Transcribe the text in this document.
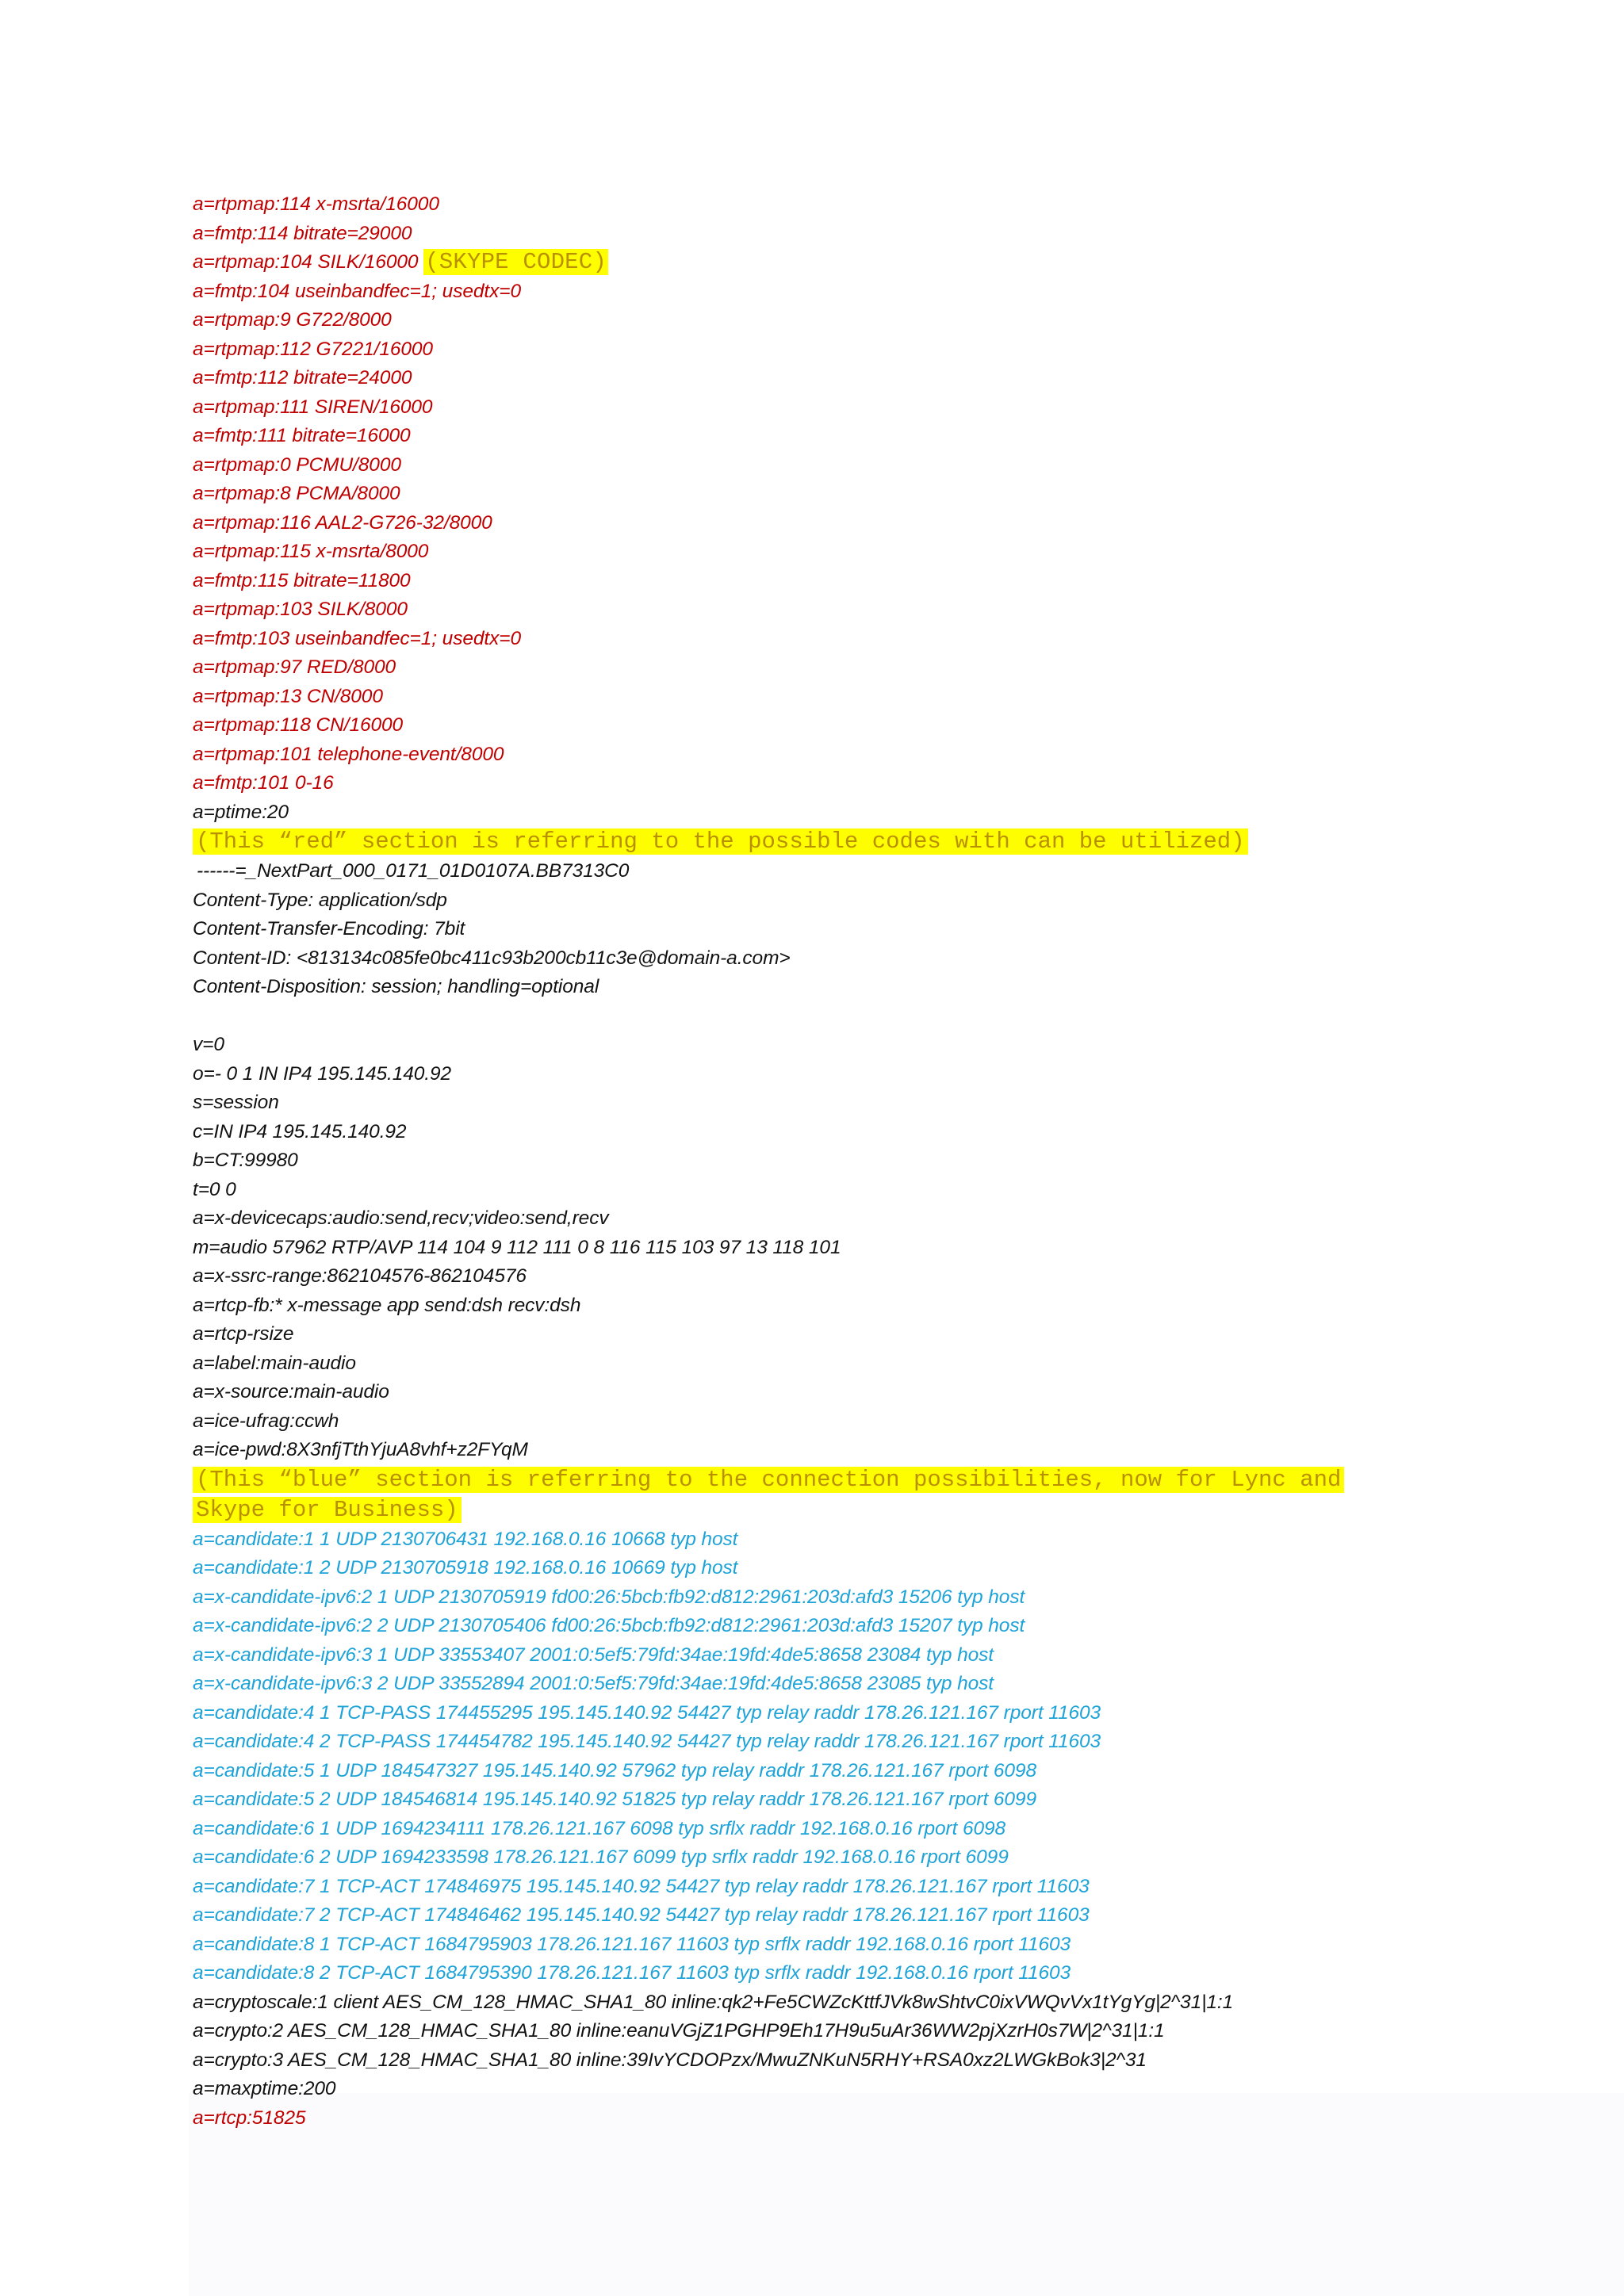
a=rtpmap:114 x-msrta/16000
a=fmtp:114 bitrate=29000
a=rtpmap:104 SILK/16000 (SKYPE CODEC)
a=fmtp:104 useinbandfec=1; usedtx=0
a=rtpmap:9 G722/8000
a=rtpmap:112 G7221/16000
a=fmtp:112 bitrate=24000
a=rtpmap:111 SIREN/16000
a=fmtp:111 bitrate=16000
a=rtpmap:0 PCMU/8000
a=rtpmap:8 PCMA/8000
a=rtpmap:116 AAL2-G726-32/8000
a=rtpmap:115 x-msrta/8000
a=fmtp:115 bitrate=11800
a=rtpmap:103 SILK/8000
a=fmtp:103 useinbandfec=1; usedtx=0
a=rtpmap:97 RED/8000
a=rtpmap:13 CN/8000
a=rtpmap:118 CN/16000
a=rtpmap:101 telephone-event/8000
a=fmtp:101 0-16
a=ptime:20
(This “red” section is referring to the possible codes with can be utilized)
------=_NextPart_000_0171_01D0107A.BB7313C0
Content-Type: application/sdp
Content-Transfer-Encoding: 7bit
Content-ID: <813134c085fe0bc411c93b200cb11c3e@domain-a.com>
Content-Disposition: session; handling=optional
v=0
o=- 0 1 IN IP4 195.145.140.92
s=session
c=IN IP4 195.145.140.92
b=CT:99980
t=0 0
a=x-devicecaps:audio:send,recv;video:send,recv
m=audio 57962 RTP/AVP 114 104 9 112 111 0 8 116 115 103 97 13 118 101
a=x-ssrc-range:862104576-862104576
a=rtcp-fb:* x-message app send:dsh recv:dsh
a=rtcp-rsize
a=label:main-audio
a=x-source:main-audio
a=ice-ufrag:ccwh
a=ice-pwd:8X3nfjTthYjuA8vhf+z2FYqM
(This “blue” section is referring to the connection possibilities, now for Lync and
Skype for Business)
a=candidate:1 1 UDP 2130706431 192.168.0.16 10668 typ host
a=candidate:1 2 UDP 2130705918 192.168.0.16 10669 typ host
a=x-candidate-ipv6:2 1 UDP 2130705919 fd00:26:5bcb:fb92:d812:2961:203d:afd3 15206 typ host
a=x-candidate-ipv6:2 2 UDP 2130705406 fd00:26:5bcb:fb92:d812:2961:203d:afd3 15207 typ host
a=x-candidate-ipv6:3 1 UDP 33553407 2001:0:5ef5:79fd:34ae:19fd:4de5:8658 23084 typ host
a=x-candidate-ipv6:3 2 UDP 33552894 2001:0:5ef5:79fd:34ae:19fd:4de5:8658 23085 typ host
a=candidate:4 1 TCP-PASS 174455295 195.145.140.92 54427 typ relay raddr 178.26.121.167 rport 11603
a=candidate:4 2 TCP-PASS 174454782 195.145.140.92 54427 typ relay raddr 178.26.121.167 rport 11603
a=candidate:5 1 UDP 184547327 195.145.140.92 57962 typ relay raddr 178.26.121.167 rport 6098
a=candidate:5 2 UDP 184546814 195.145.140.92 51825 typ relay raddr 178.26.121.167 rport 6099
a=candidate:6 1 UDP 1694234111 178.26.121.167 6098 typ srflx raddr 192.168.0.16 rport 6098
a=candidate:6 2 UDP 1694233598 178.26.121.167 6099 typ srflx raddr 192.168.0.16 rport 6099
a=candidate:7 1 TCP-ACT 174846975 195.145.140.92 54427 typ relay raddr 178.26.121.167 rport 11603
a=candidate:7 2 TCP-ACT 174846462 195.145.140.92 54427 typ relay raddr 178.26.121.167 rport 11603
a=candidate:8 1 TCP-ACT 1684795903 178.26.121.167 11603 typ srflx raddr 192.168.0.16 rport 11603
a=candidate:8 2 TCP-ACT 1684795390 178.26.121.167 11603 typ srflx raddr 192.168.0.16 rport 11603
a=cryptoscale:1 client AES_CM_128_HMAC_SHA1_80 inline:qk2+Fe5CWZcKttfJVk8wShtvC0ixVWQvVx1tYgYg|2^31|1:1
a=crypto:2 AES_CM_128_HMAC_SHA1_80 inline:eanuVGjZ1PGHP9Eh17H9u5uAr36WW2pjXzrH0s7W|2^31|1:1
a=crypto:3 AES_CM_128_HMAC_SHA1_80 inline:39IvYCDOPzx/MwuZNKuN5RHY+RSA0xz2LWGkBok3|2^31
a=maxptime:200
a=rtcp:51825
